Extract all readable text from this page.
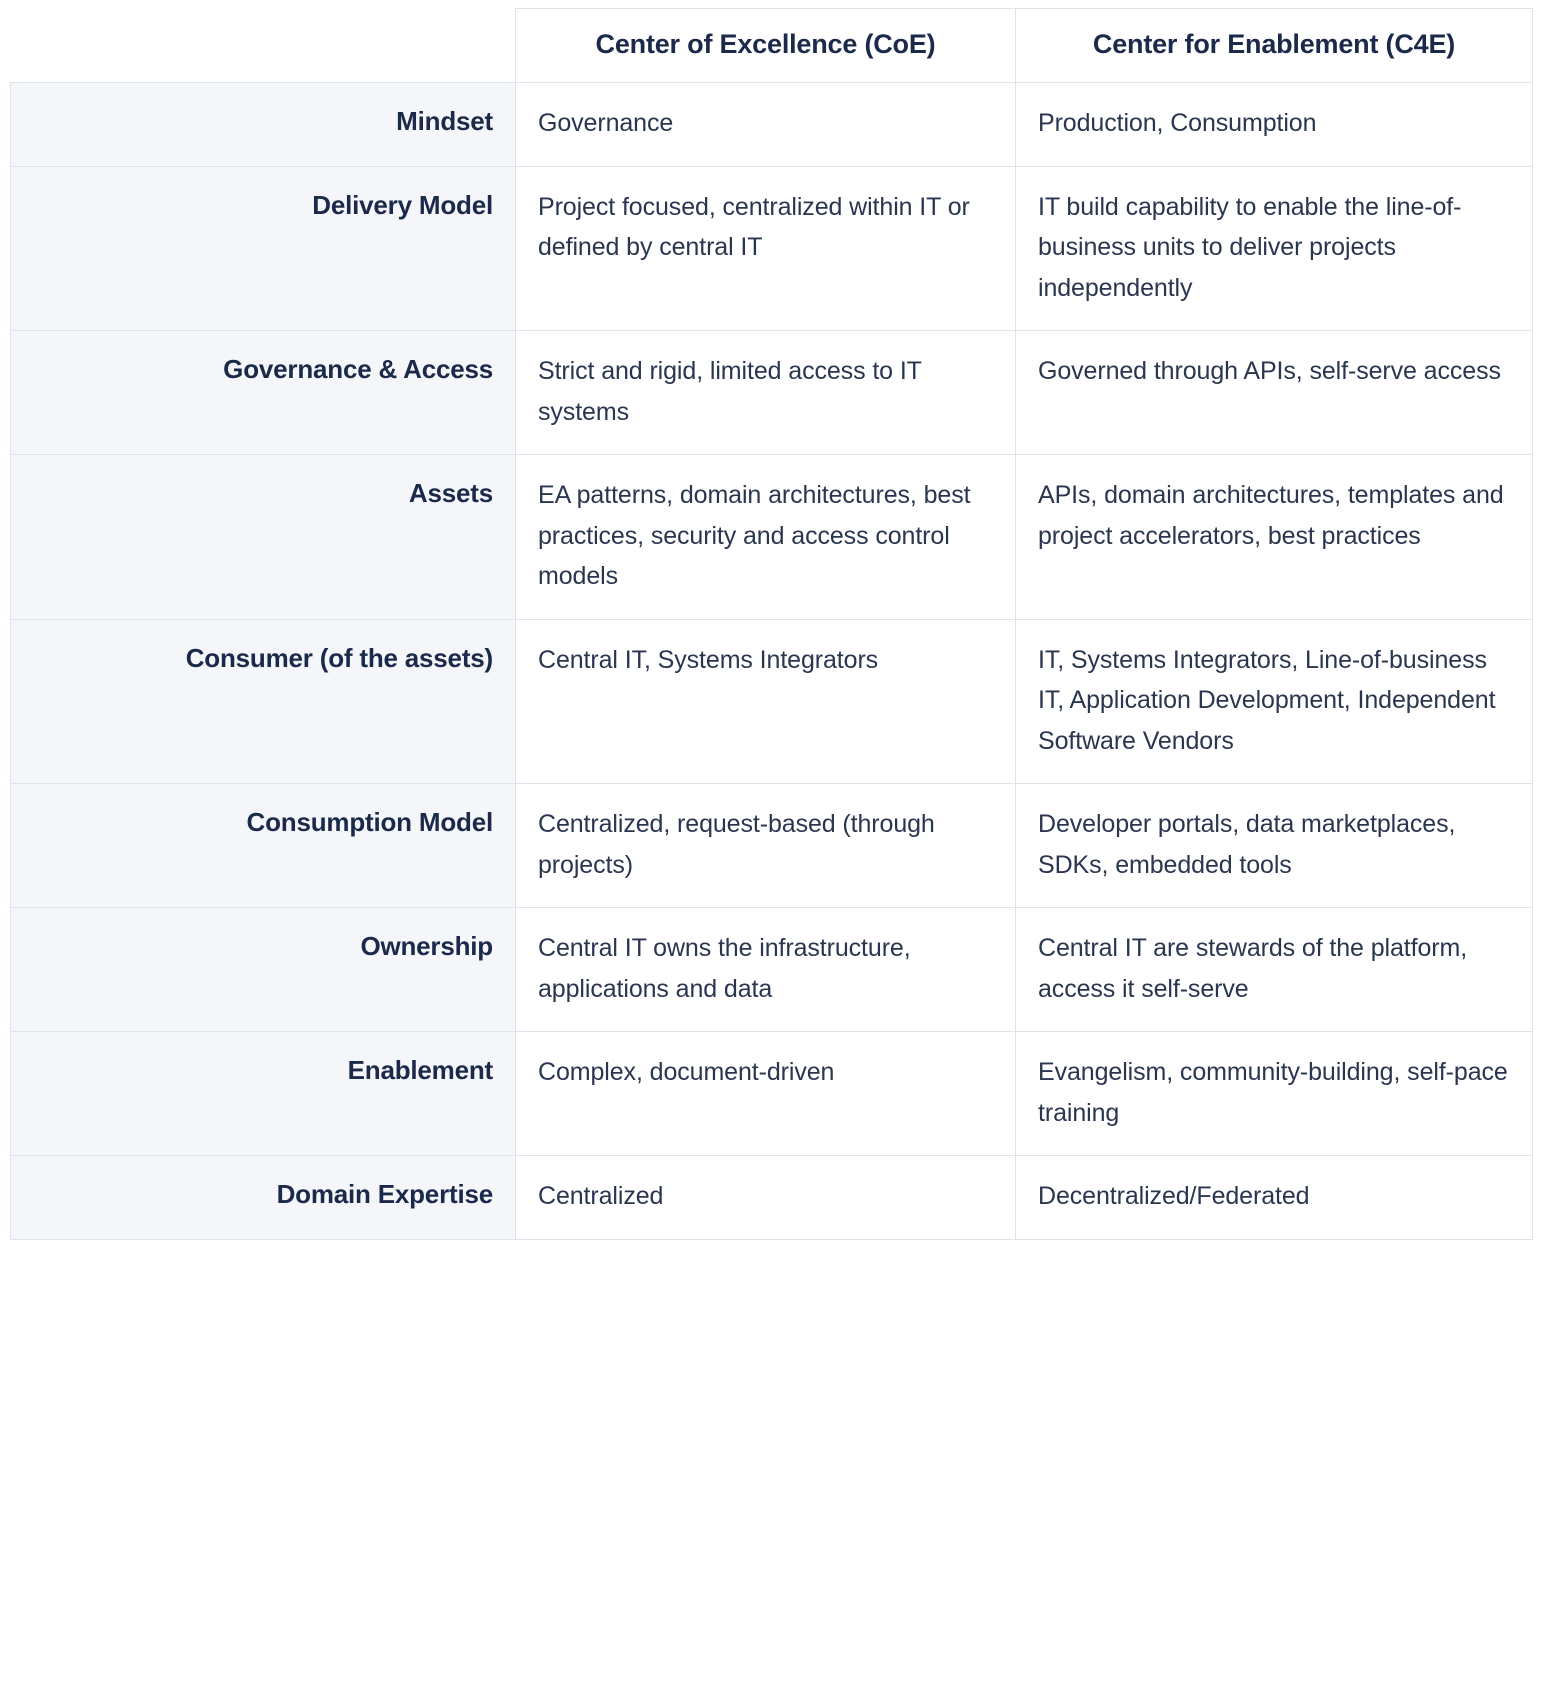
	Center of Excellence (CoE)	Center for Enablement (C4E)
Mindset	Governance	Production, Consumption
Delivery Model	Project focused, centralized within IT or defined by central IT	IT build capability to enable the line-of-business units to deliver projects independently
Governance & Access	Strict and rigid, limited access to IT systems	Governed through APIs, self-serve access
Assets	EA patterns, domain architectures, best practices, security and access control models	APIs, domain architectures, templates and project accelerators, best practices
Consumer (of the assets)	Central IT, Systems Integrators	IT, Systems Integrators, Line-of-business IT, Application Development, Independent Software Vendors
Consumption Model	Centralized, request-based (through projects)	Developer portals, data marketplaces, SDKs, embedded tools
Ownership	Central IT owns the infrastructure, applications and data	Central IT are stewards of the platform, access it self-serve
Enablement	Complex, document-driven	Evangelism, community-building, self-pace training
Domain Expertise	Centralized	Decentralized/Federated
